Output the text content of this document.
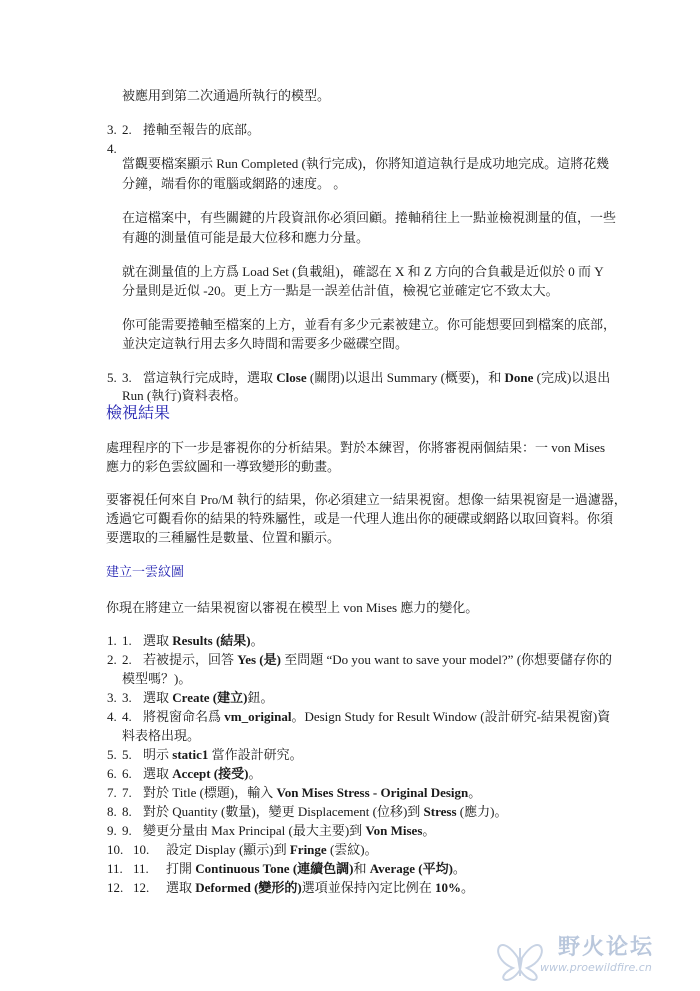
被應用到第二次通過所執行的模型。
3. 2. 捲軸至報告的底部。
4.
當觀要檔案顯示 Run Completed (執行完成)，你將知道這執行是成功地完成。這將花幾
分鐘，端看你的電腦或網路的速度。 。
在這檔案中，有些關鍵的片段資訊你必須回顧。捲軸稍往上一點並檢視測量的值，一些
有趣的測量值可能是最大位移和應力分量。
就在測量值的上方爲 Load Set (負載組)，確認在 X 和 Z 方向的合負載是近似於 0 而 Y
分量則是近似 -20。更上方一點是一誤差估計值，檢視它並確定它不致太大。
你可能需要捲軸至檔案的上方，並看有多少元素被建立。你可能想要回到檔案的底部，
並決定這執行用去多久時間和需要多少磁碟空間。
5. 3. 當這執行完成時，選取 Close (關閉)以退出 Summary (概要)，和 Done (完成)以退出
Run (執行)資料表格。
檢視結果
處理程序的下一步是審視你的分析結果。對於本練習，你將審視兩個結果：一 von Mises
應力的彩色雲紋圖和一導致變形的動畫。
要審視任何來自 Pro/M 執行的結果，你必須建立一結果視窗。想像一結果視窗是一過濾器，
透過它可觀看你的結果的特殊屬性，或是一代理人進出你的硬碟或網路以取回資料。你須
要選取的三種屬性是數量、位置和顯示。
建立一雲紋圖
你現在將建立一結果視窗以審視在模型上 von Mises 應力的變化。
1. 1. 選取 Results (結果)。
2. 2. 若被提示，回答 Yes (是) 至問題 “Do you want to save your model?” (你想要儲存你的
模型嗎？)。
3. 3. 選取 Create (建立)鈕。
4. 4. 將視窗命名爲 vm_original。Design Study for Result Window (設計研究-結果視窗)資
料表格出現。
5. 5. 明示 static1 當作設計研究。
6. 6. 選取 Accept (接受)。
7. 7. 對於 Title (標題)，輸入 Von Mises Stress - Original Design。
8. 8. 對於 Quantity (數量)，變更 Displacement (位移)到 Stress (應力)。
9. 9. 變更分量由 Max Principal (最大主要)到 Von Mises。
10. 10. 設定 Display (顯示)到 Fringe (雲紋)。
11. 11. 打開 Continuous Tone (連續色調)和 Average (平均)。
12. 12. 選取 Deformed (變形的)選項並保持內定比例在 10%。
野火论坛
www.proewildfire.cn
